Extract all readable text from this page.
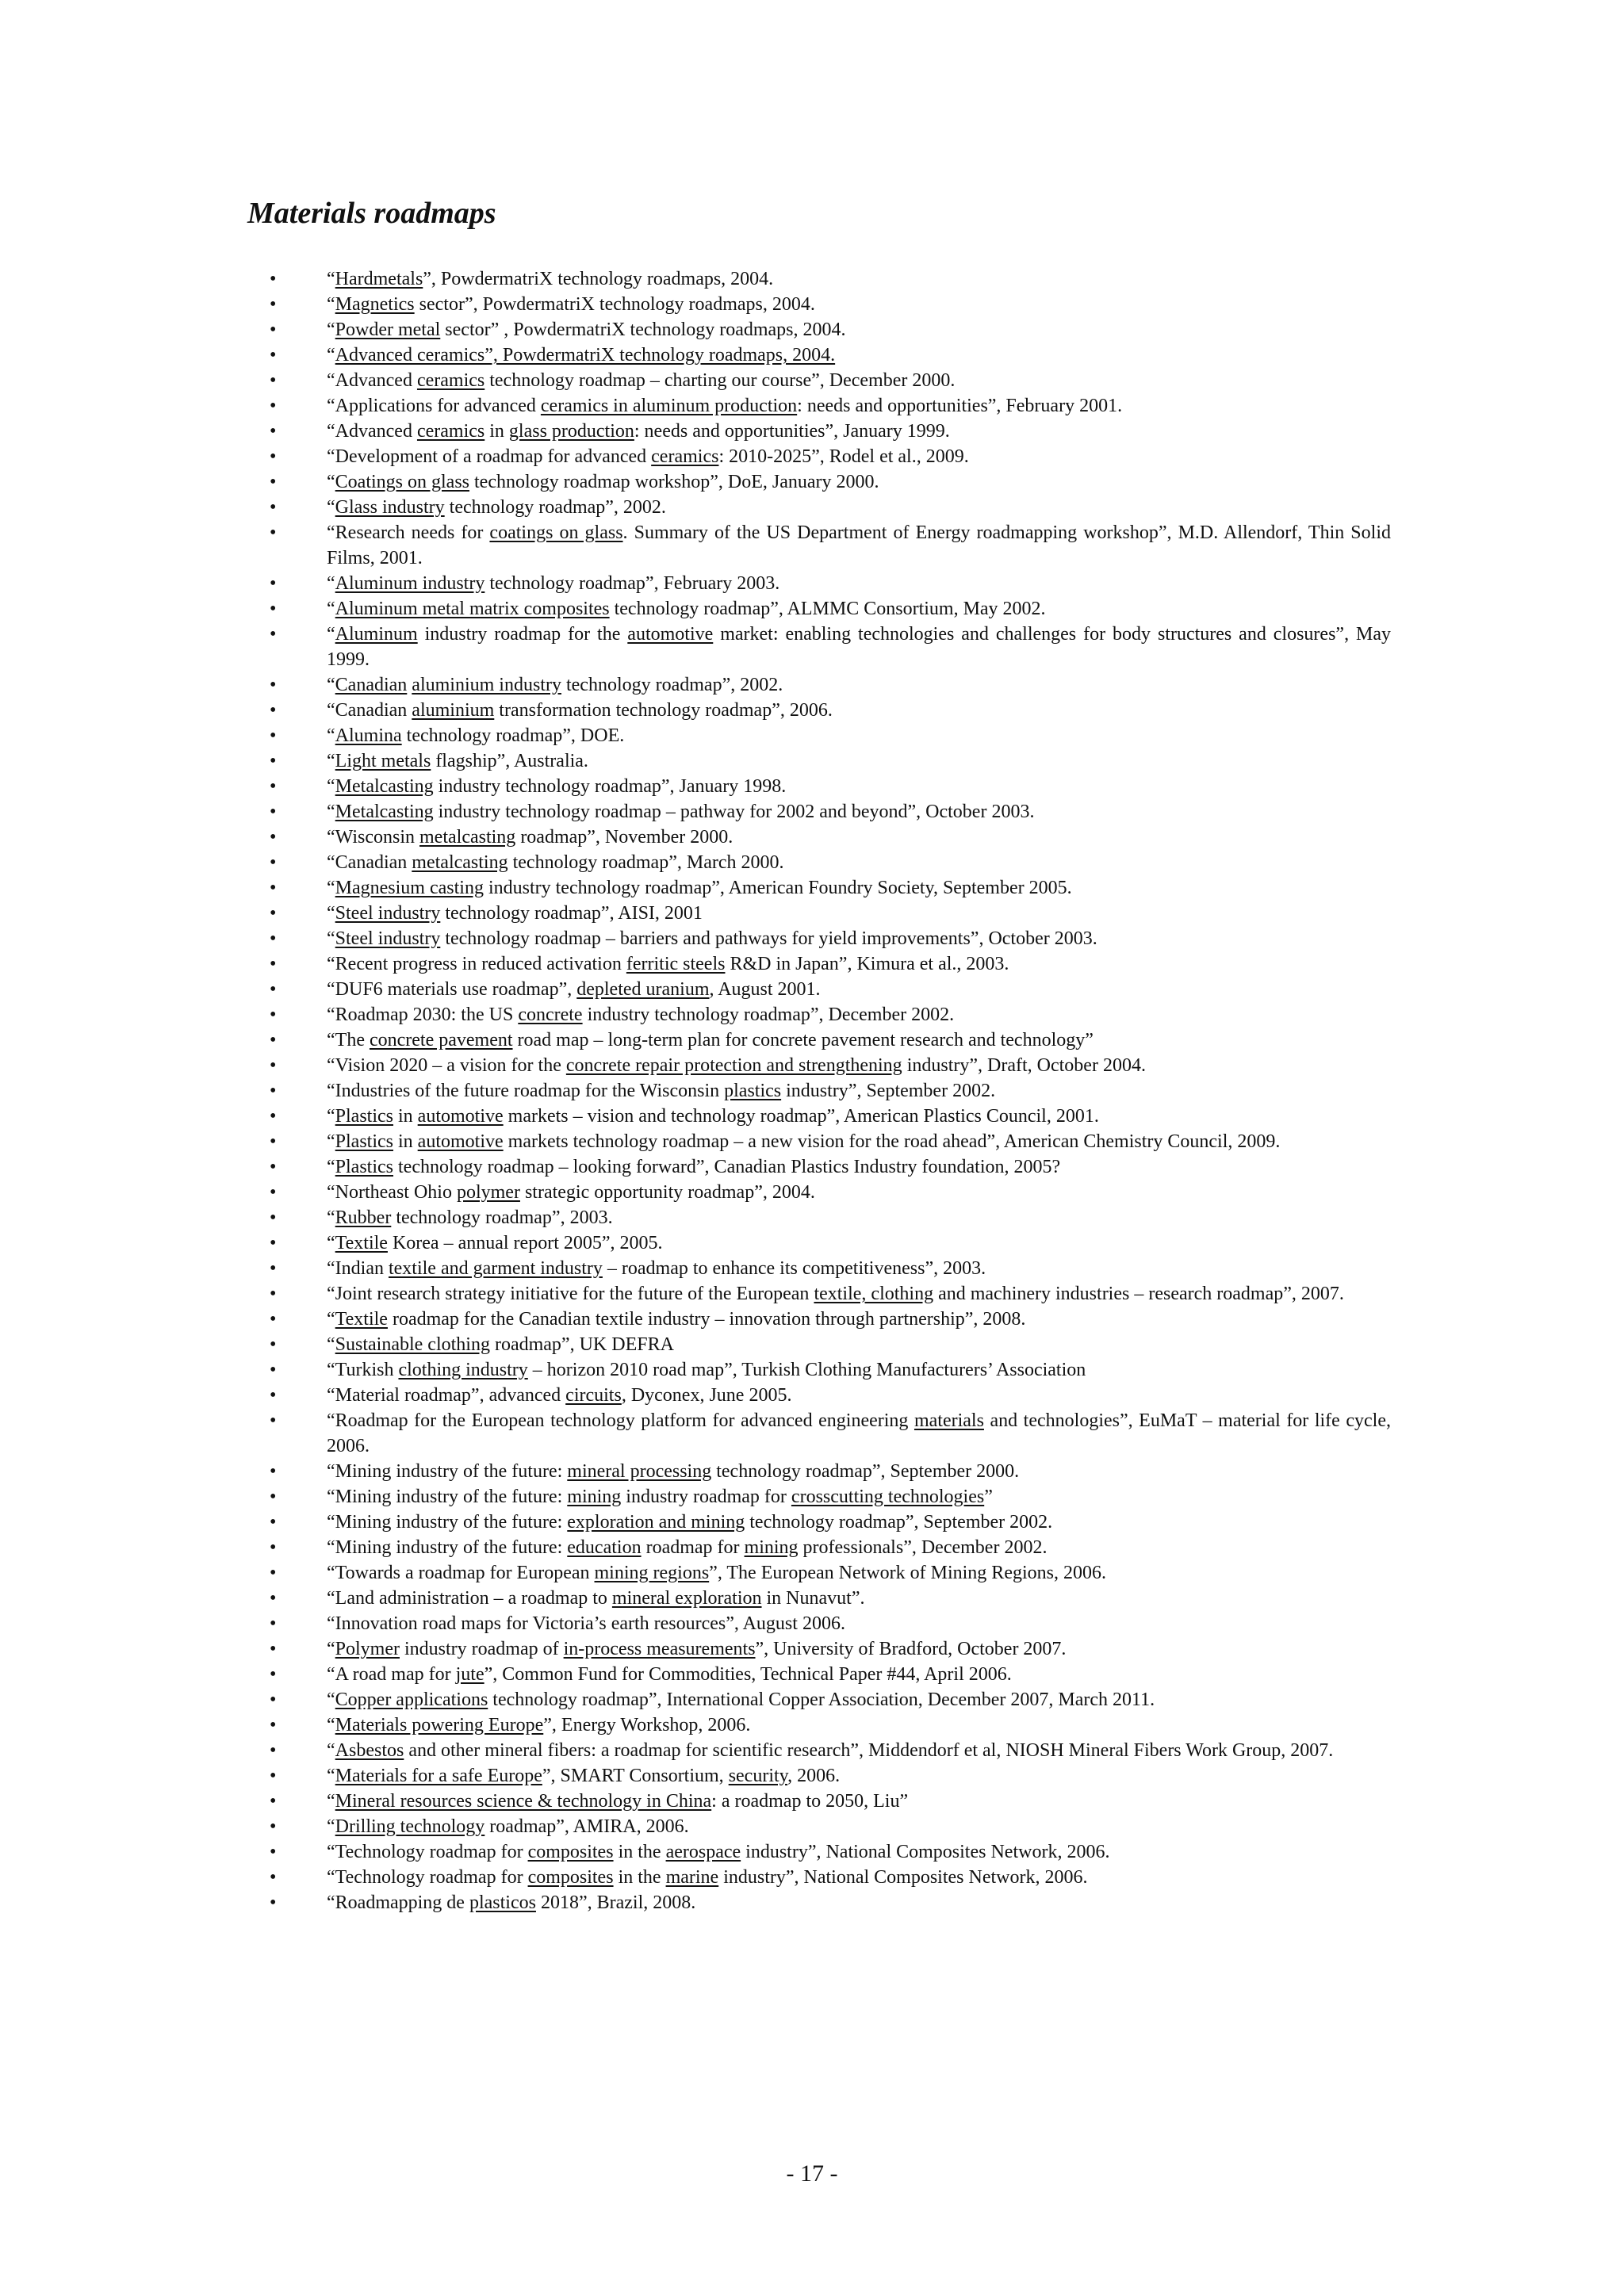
Materials roadmaps
• “Hardmetals”, PowdermatriX technology roadmaps, 2004.
• “Magnetics sector”, PowdermatriX technology roadmaps, 2004.
• “Powder metal sector” , PowdermatriX technology roadmaps, 2004.
• “Advanced ceramics”, PowdermatriX technology roadmaps, 2004.
• “Advanced ceramics technology roadmap – charting our course”, December 2000.
• “Applications for advanced ceramics in aluminum production: needs and opportunities”, February 2001.
• “Advanced ceramics in glass production: needs and opportunities”, January 1999.
• “Development of a roadmap for advanced ceramics: 2010-2025”, Rodel et al., 2009.
• “Coatings on glass technology roadmap workshop”, DoE, January 2000.
• “Glass industry technology roadmap”, 2002.
• “Research needs for coatings on glass. Summary of the US Department of Energy roadmapping workshop”, M.D. Allendorf, Thin Solid Films, 2001.
• “Aluminum industry technology roadmap”, February 2003.
• “Aluminum metal matrix composites technology roadmap”, ALMMC Consortium, May 2002.
• “Aluminum industry roadmap for the automotive market: enabling technologies and challenges for body structures and closures”, May 1999.
• “Canadian aluminium industry technology roadmap”, 2002.
• “Canadian aluminium transformation technology roadmap”, 2006.
• “Alumina technology roadmap”, DOE.
• “Light metals flagship”, Australia.
• “Metalcasting industry technology roadmap”, January 1998.
• “Metalcasting industry technology roadmap – pathway for 2002 and beyond”, October 2003.
• “Wisconsin metalcasting roadmap”, November 2000.
• “Canadian metalcasting technology roadmap”, March 2000.
• “Magnesium casting industry technology roadmap”, American Foundry Society, September 2005.
• “Steel industry technology roadmap”, AISI, 2001
• “Steel industry technology roadmap – barriers and pathways for yield improvements”, October 2003.
• “Recent progress in reduced activation ferritic steels R&D in Japan”, Kimura et al., 2003.
• “DUF6 materials use roadmap”, depleted uranium, August 2001.
• “Roadmap 2030: the US concrete industry technology roadmap”, December 2002.
• “The concrete pavement road map – long-term plan for concrete pavement research and technology”
• “Vision 2020 – a vision for the concrete repair protection and strengthening industry”, Draft, October 2004.
• “Industries of the future roadmap for the Wisconsin plastics industry”, September 2002.
• “Plastics in automotive markets – vision and technology roadmap”, American Plastics Council, 2001.
• “Plastics in automotive markets technology roadmap – a new vision for the road ahead”, American Chemistry Council, 2009.
• “Plastics technology roadmap – looking forward”, Canadian Plastics Industry foundation, 2005?
• “Northeast Ohio polymer strategic opportunity roadmap”, 2004.
• “Rubber technology roadmap”, 2003.
• “Textile Korea – annual report 2005”, 2005.
• “Indian textile and garment industry – roadmap to enhance its competitiveness”, 2003.
• “Joint research strategy initiative for the future of the European textile, clothing and machinery industries – research roadmap”, 2007.
• “Textile roadmap for the Canadian textile industry – innovation through partnership”, 2008.
• “Sustainable clothing roadmap”, UK DEFRA
• “Turkish clothing industry – horizon 2010 road map”, Turkish Clothing Manufacturers’ Association
• “Material roadmap”, advanced circuits, Dyconex, June 2005.
• “Roadmap for the European technology platform for advanced engineering materials and technologies”, EuMaT – material for life cycle, 2006.
• “Mining industry of the future: mineral processing technology roadmap”, September 2000.
• “Mining industry of the future: mining industry roadmap for crosscutting technologies”
• “Mining industry of the future: exploration and mining technology roadmap”, September 2002.
• “Mining industry of the future: education roadmap for mining professionals”, December 2002.
• “Towards a roadmap for European mining regions”, The European Network of Mining Regions, 2006.
• “Land administration – a roadmap to mineral exploration in Nunavut”.
• “Innovation road maps for Victoria’s earth resources”, August 2006.
• “Polymer industry roadmap of in-process measurements”, University of Bradford, October 2007.
• “A road map for jute”, Common Fund for Commodities, Technical Paper #44, April 2006.
• “Copper applications technology roadmap”, International Copper Association, December 2007, March 2011.
• “Materials powering Europe”, Energy Workshop, 2006.
• “Asbestos and other mineral fibers: a roadmap for scientific research”, Middendorf et al, NIOSH Mineral Fibers Work Group, 2007.
• “Materials for a safe Europe”, SMART Consortium, security, 2006.
• “Mineral resources science & technology in China: a roadmap to 2050, Liu”
• “Drilling technology roadmap”, AMIRA, 2006.
• “Technology roadmap for composites in the aerospace industry”, National Composites Network, 2006.
• “Technology roadmap for composites in the marine industry”, National Composites Network, 2006.
• “Roadmapping de plasticos 2018”, Brazil, 2008.
- 17 -
